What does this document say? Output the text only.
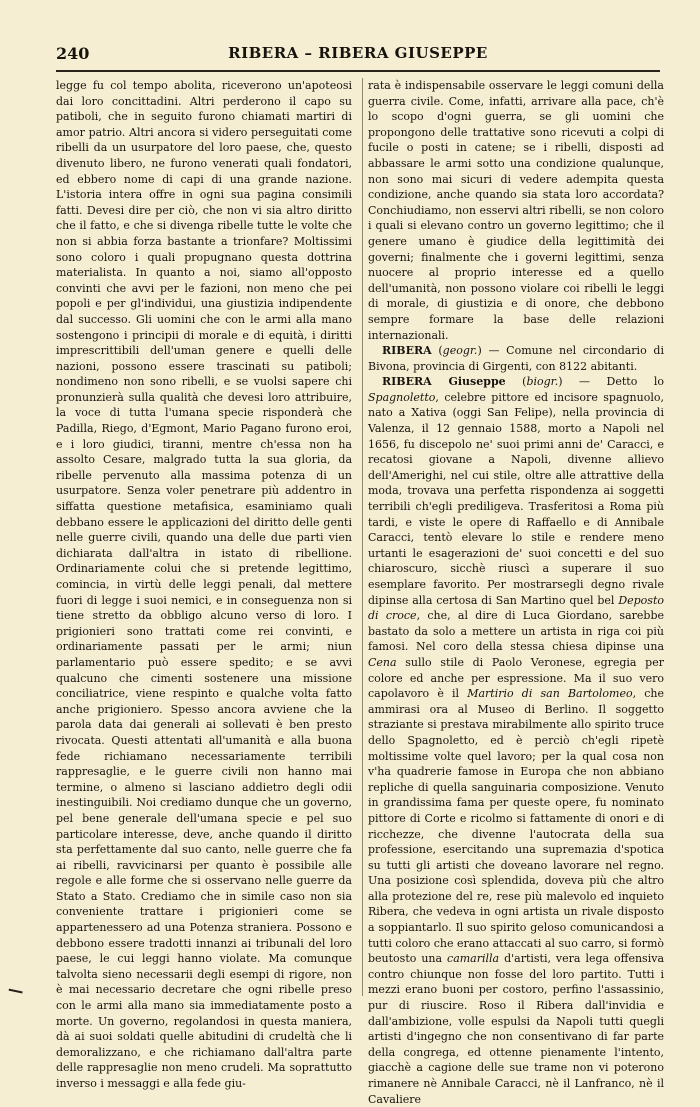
240	RIBERA – RIBERA GIUSEPPE

legge fu col tempo abolita, riceverono un'apoteosi dai loro concittadini. Altri perderono il capo su patiboli, che in seguito furono chiamati martiri di amor patrio. Altri ancora si videro perseguitati come ribelli da un usurpatore del loro paese, che, questo divenuto libero, ne furono venerati quali fondatori, ed ebbero nome di capi di una grande nazione. L'istoria intera offre in ogni sua pagina consimili fatti. Devesi dire per ciò, che non vi sia altro diritto che il fatto, e che si divenga ribelle tutte le volte che non si abbia forza bastante a trionfare? Moltissimi sono coloro i quali propugnano questa dottrina materialista. In quanto a noi, siamo all'opposto convinti che avvi per le fazioni, non meno che pei popoli e per gl'individui, una giustizia indipendente dal successo. Gli uomini che con le armi alla mano sostengono i principii di morale e di equità, i diritti imprescrittibili dell'uman genere e quelli delle nazioni, possono essere trascinati su patiboli; nondimeno non sono ribelli, e se vuolsi sapere chi pronunzierà sulla qualità che devesi loro attribuire, la voce di tutta l'umana specie risponderà che Padilla, Riego, d'Egmont, Mario Pagano furono eroi, e i loro giudici, tiranni, mentre ch'essa non ha assolto Cesare, malgrado tutta la sua gloria, da ribelle pervenuto alla massima potenza di un usurpatore. Senza voler penetrare più addentro in siffatta questione metafisica, esaminiamo quali debbano essere le applicazioni del diritto delle genti nelle guerre civili, quando una delle due parti vien dichiarata dall'altra in istato di ribellione. Ordinariamente colui che si pretende legittimo, comincia, in virtù delle leggi penali, dal mettere fuori di legge i suoi nemici, e in conseguenza non si tiene stretto da obbligo alcuno verso di loro. I prigionieri sono trattati come rei convinti, e ordinariamente passati per le armi; niun parlamentario può essere spedito; e se avvi qualcuno che cimenti sostenere una missione conciliatrice, viene respinto e qualche volta fatto anche prigioniero. Spesso ancora avviene che la parola data dai generali ai sollevati è ben presto rivocata. Questi attentati all'umanità e alla buona fede richiamano necessariamente terribili rappresaglie, e le guerre civili non hanno mai termine, o almeno si lasciano addietro degli odii inestinguibili. Noi crediamo dunque che un governo, pel bene generale dell'umana specie e pel suo particolare interesse, deve, anche quando il diritto sta perfettamente dal suo canto, nelle guerre che fa ai ribelli, ravvicinarsi per quanto è possibile alle regole e alle forme che si osservano nelle guerre da Stato a Stato. Crediamo che in simile caso non sia conveniente trattare i prigionieri come se appartenessero ad una Potenza straniera. Possono e debbono essere tradotti innanzi ai tribunali del loro paese, le cui leggi hanno violate. Ma comunque talvolta sieno necessarii degli esempi di rigore, non è mai necessario decretare che ogni ribelle preso con le armi alla mano sia immediatamente posto a morte. Un governo, regolandosi in questa maniera, dà ai suoi soldati quelle abitudini di crudeltà che li demoralizzano, e che richiamano dall'altra parte delle rappresaglie non meno crudeli. Ma soprattutto inverso i messaggi e alla fede giu-

rata è indispensabile osservare le leggi comuni della guerra civile. Come, infatti, arrivare alla pace, ch'è lo scopo d'ogni guerra, se gli uomini che propongono delle trattative sono ricevuti a colpi di fucile o posti in catene; se i ribelli, disposti ad abbassare le armi sotto una condizione qualunque, non sono mai sicuri di vedere adempita questa condizione, anche quando sia stata loro accordata? Conchiudiamo, non esservi altri ribelli, se non coloro i quali si elevano contro un governo legittimo; che il genere umano è giudice della legittimità dei governi; finalmente che i governi legittimi, senza nuocere al proprio interesse ed a quello dell'umanità, non possono violare coi ribelli le leggi di morale, di giustizia e di onore, che debbono sempre formare la base delle relazioni internazionali.

RIBERA (geogr.) — Comune nel circondario di Bivona, provincia di Girgenti, con 8122 abitanti.

RIBERA Giuseppe (biogr.) — Detto lo Spagnoletto, celebre pittore ed incisore spagnuolo, nato a Xativa (oggi San Felipe), nella provincia di Valenza, il 12 gennaio 1588, morto a Napoli nel 1656, fu discepolo ne' suoi primi anni de' Caracci, e recatosi giovane a Napoli, divenne allievo dell'Amerighi, nel cui stile, oltre alle attrattive della moda, trovava una perfetta rispondenza ai soggetti terribili ch'egli prediligeva. Trasferitosi a Roma più tardi, e viste le opere di Raffaello e di Annibale Caracci, tentò elevare lo stile e rendere meno urtanti le esagerazioni de' suoi concetti e del suo chiaroscuro, sicchè riuscì a superare il suo esemplare favorito. Per mostrarsegli degno rivale dipinse alla certosa di San Martino quel bel Deposto di croce, che, al dire di Luca Giordano, sarebbe bastato da solo a mettere un artista in riga coi più famosi. Nel coro della stessa chiesa dipinse una Cena sullo stile di Paolo Veronese, egregia per colore ed anche per espressione. Ma il suo vero capolavoro è il Martirio di san Bartolomeo, che ammirasi ora al Museo di Berlino. Il soggetto straziante si prestava mirabilmente allo spirito truce dello Spagnoletto, ed è perciò ch'egli ripetè moltissime volte quel lavoro; per la qual cosa non v'ha quadrerie famose in Europa che non abbiano repliche di quella sanguinaria composizione. Venuto in grandissima fama per queste opere, fu nominato pittore di Corte e ricolmo si fattamente di onori e di ricchezze, che divenne l'autocrata della sua professione, esercitando una supremazia d'spotica su tutti gli artisti che doveano lavorare nel regno. Una posizione così splendida, doveva più che altro alla protezione del re, rese più malevolo ed inquieto Ribera, che vedeva in ogni artista un rivale disposto a soppiantarlo. Il suo spirito geloso comunicandosi a tutti coloro che erano attaccati al suo carro, si formò beutosto una camarilla d'artisti, vera lega offensiva contro chiunque non fosse del loro partito. Tutti i mezzi erano buoni per costoro, perfino l'assassinio, pur di riuscire. Roso il Ribera dall'invidia e dall'ambizione, volle espulsi da Napoli tutti quegli artisti d'ingegno che non consentivano di far parte della congrega, ed ottenne pienamente l'intento, giacchè a cagione delle sue trame non vi poterono rimanere nè Annibale Caracci, nè il Lanfranco, nè il Cavaliere
